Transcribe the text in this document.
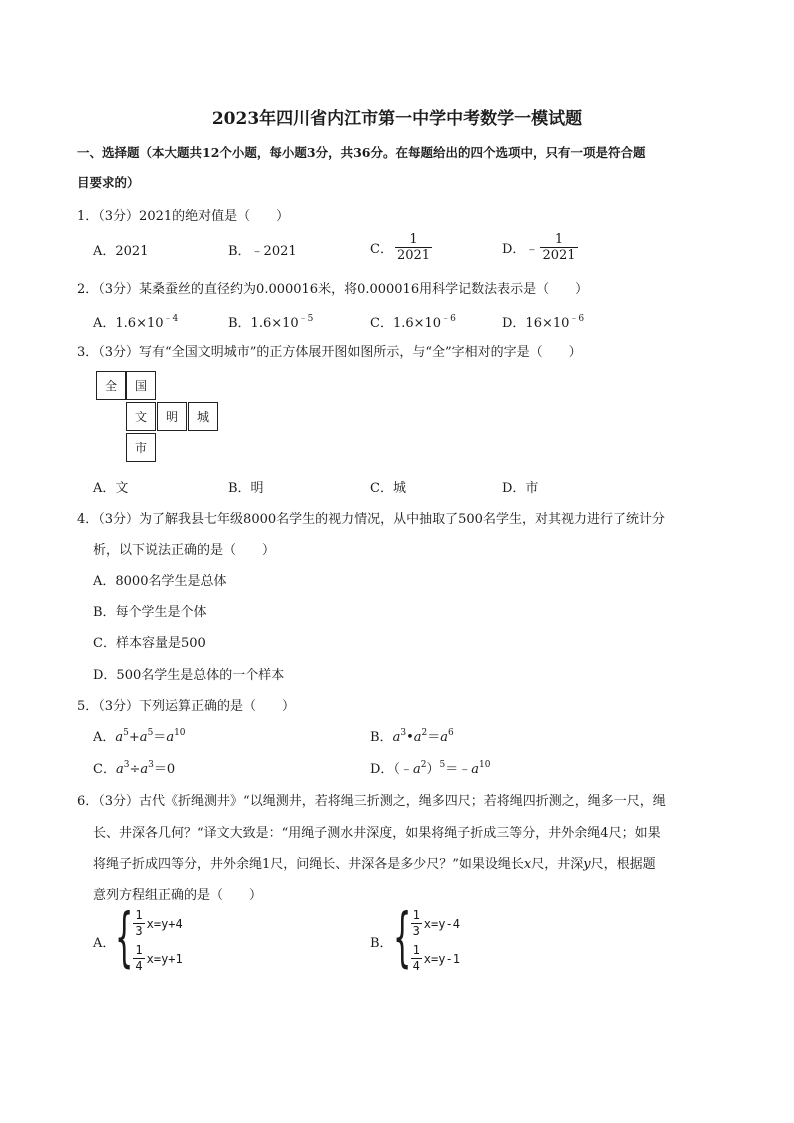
2023年四川省内江市第一中学中考数学一模试题
一、选择题（本大题共12个小题，每小题3分，共36分。在每题给出的四个选项中，只有一项是符合题
目要求的）
1．（3分）2021的绝对值是（　　）
A．2021	B．﹣2021	C． $\frac{1}{2021}$	D．﹣ $\frac{1}{2021}$
2．（3分）某桑蚕丝的直径约为0.000016米，将0.000016用科学记数法表示是（　　）
A．$1.6\times 10^{﹣4}$	B．$1.6\times 10^{﹣5}$	C．$1.6\times 10^{﹣6}$	D．$16\times 10^{﹣6}$
3．（3分）写有“全国文明城市”的正方体展开图如图所示，与“全”字相对的字是（　　）
全	国
文	明	城
市
A．文	B．明	C．城	D．市
4．（3分）为了解我县七年级8000名学生的视力情况，从中抽取了500名学生，对其视力进行了统计分
析，以下说法正确的是（　　）
A．8000名学生是总体
B．每个学生是个体
C．样本容量是500
D．500名学生是总体的一个样本
5．（3分）下列运算正确的是（　　）
A．$a^5+a^5=a^{10}$	B．$a^3•a^2=a^6$
C．$a^3\div a^3=0$	D．$(﹣a^2)^5=﹣a^{10}$
6．（3分）古代《折绳测井》“以绳测井，若将绳三折测之，绳多四尺；若将绳四折测之，绳多一尺，绳
长、井深各几何？“译文大致是：“用绳子测水井深度，如果将绳子折成三等分，井外余绳4尺；如果
将绳子折成四等分，井外余绳1尺，问绳长、井深各是多少尺？”如果设绳长x尺，井深y尺，根据题
意列方程组正确的是（　　）
A． { $\frac{1}{3} x=y+4$
$\frac{1}{4} x=y+1$
B． { $\frac{1}{3} x=y-4$
$\frac{1}{4} x=y-1$
